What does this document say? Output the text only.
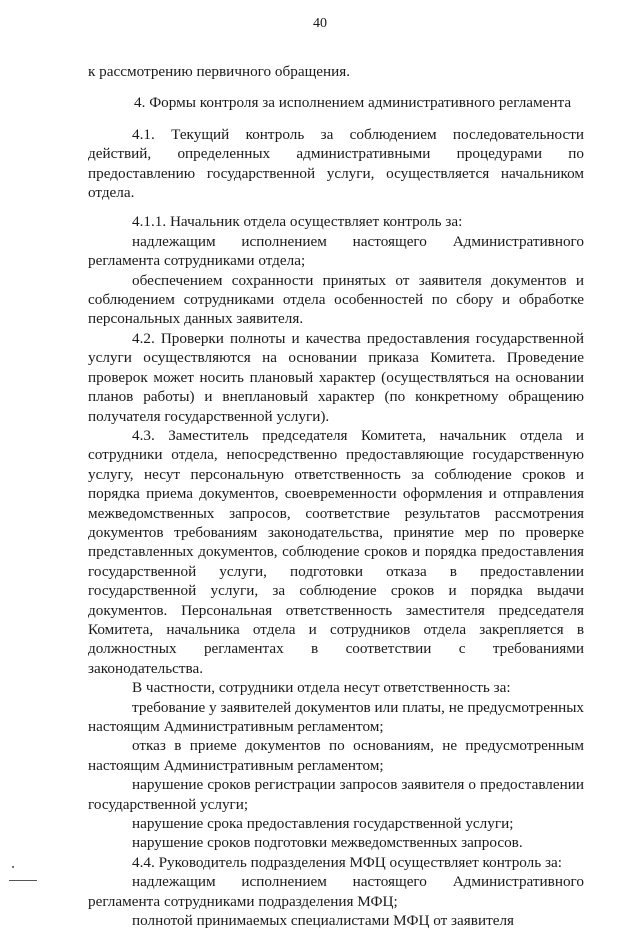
40

к рассмотрению первичного обращения.

4. Формы контроля за исполнением административного регламента

4.1. Текущий контроль за соблюдением последовательности действий, определенных административными процедурами по предоставлению государственной услуги, осуществляется начальником отдела.

4.1.1. Начальник отдела осуществляет контроль за:

надлежащим исполнением настоящего Административного регламента сотрудниками отдела;

обеспечением сохранности принятых от заявителя документов и соблюдением сотрудниками отдела особенностей по сбору и обработке персональных данных заявителя.

4.2. Проверки полноты и качества предоставления государственной услуги осуществляются на основании приказа Комитета. Проведение проверок может носить плановый характер (осуществляться на основании планов работы) и внеплановый характер (по конкретному обращению получателя государственной услуги).

4.3. Заместитель председателя Комитета, начальник отдела и сотрудники отдела, непосредственно предоставляющие государственную услугу, несут персональную ответственность за соблюдение сроков и порядка приема документов, своевременности оформления и отправления межведомственных запросов, соответствие результатов рассмотрения документов требованиям законодательства, принятие мер по проверке представленных документов, соблюдение сроков и порядка предоставления государственной услуги, подготовки отказа в предоставлении государственной услуги, за соблюдение сроков и порядка выдачи документов. Персональная ответственность заместителя председателя Комитета, начальника отдела и сотрудников отдела закрепляется в должностных регламентах в соответствии с требованиями законодательства.

В частности, сотрудники отдела несут ответственность за:

требование у заявителей документов или платы, не предусмотренных настоящим Административным регламентом;

отказ в приеме документов по основаниям, не предусмотренным настоящим Административным регламентом;

нарушение сроков регистрации запросов заявителя о предоставлении государственной услуги;

нарушение срока предоставления государственной услуги;

нарушение сроков подготовки межведомственных запросов.

4.4. Руководитель подразделения МФЦ осуществляет контроль за:

надлежащим исполнением настоящего Административного регламента сотрудниками подразделения МФЦ;

полнотой принимаемых специалистами МФЦ от заявителя
